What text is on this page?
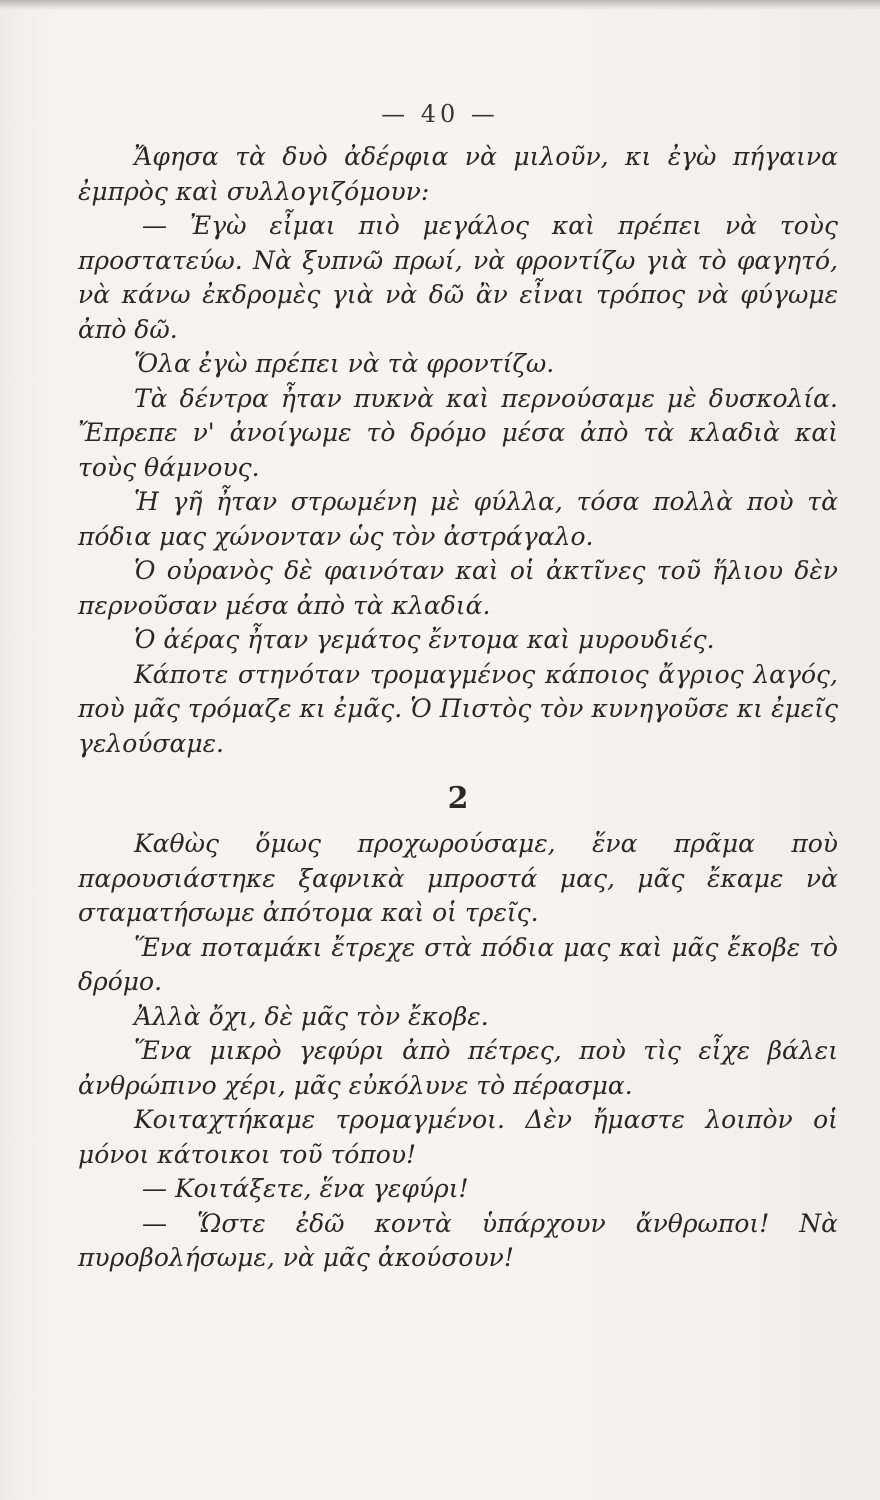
— 40 —

Ἄφησα τὰ δυὸ ἀδέρφια νὰ μιλοῦν, κι ἐγὼ πήγαινα ἐμπρὸς καὶ συλλογιζόμουν:

— Ἐγὼ εἶμαι πιὸ μεγάλος καὶ πρέπει νὰ τοὺς προστατεύω. Νὰ ξυπνῶ πρωί, νὰ φροντίζω γιὰ τὸ φαγητό, νὰ κάνω ἐκδρομὲς γιὰ νὰ δῶ ἂν εἶναι τρόπος νὰ φύγωμε ἀπὸ δῶ.

Ὅλα ἐγὼ πρέπει νὰ τὰ φροντίζω.

Τὰ δέντρα ἦταν πυκνὰ καὶ περνούσαμε μὲ δυσκολία. Ἔπρεπε ν' ἀνοίγωμε τὸ δρόμο μέσα ἀπὸ τὰ κλαδιὰ καὶ τοὺς θάμνους.

Ἡ γῆ ἦταν στρωμένη μὲ φύλλα, τόσα πολλὰ ποὺ τὰ πόδια μας χώνονταν ὡς τὸν ἀστράγαλο.

Ὁ οὐρανὸς δὲ φαινόταν καὶ οἱ ἀκτῖνες τοῦ ἥλιου δὲν περνοῦσαν μέσα ἀπὸ τὰ κλαδιά.

Ὁ ἀέρας ἦταν γεμάτος ἔντομα καὶ μυρουδιές.

Κάποτε στηνόταν τρομαγμένος κάποιος ἄγριος λαγός, ποὺ μᾶς τρόμαζε κι ἐμᾶς. Ὁ Πιστὸς τὸν κυνηγοῦσε κι ἐμεῖς γελούσαμε.

2

Καθὼς ὅμως προχωρούσαμε, ἕνα πρᾶμα ποὺ παρουσιάστηκε ξαφνικὰ μπροστά μας, μᾶς ἔκαμε νὰ σταματήσωμε ἀπότομα καὶ οἱ τρεῖς.

Ἕνα ποταμάκι ἔτρεχε στὰ πόδια μας καὶ μᾶς ἔκοβε τὸ δρόμο.

Ἀλλὰ ὄχι, δὲ μᾶς τὸν ἔκοβε.

Ἕνα μικρὸ γεφύρι ἀπὸ πέτρες, ποὺ τὶς εἶχε βάλει ἀνθρώπινο χέρι, μᾶς εὐκόλυνε τὸ πέρασμα.

Κοιταχτήκαμε τρομαγμένοι. Δὲν ἤμαστε λοιπὸν οἱ μόνοι κάτοικοι τοῦ τόπου!

— Κοιτάξετε, ἕνα γεφύρι!

— Ὥστε ἐδῶ κοντὰ ὑπάρχουν ἄνθρωποι! Νὰ πυροβολήσωμε, νὰ μᾶς ἀκούσουν!
